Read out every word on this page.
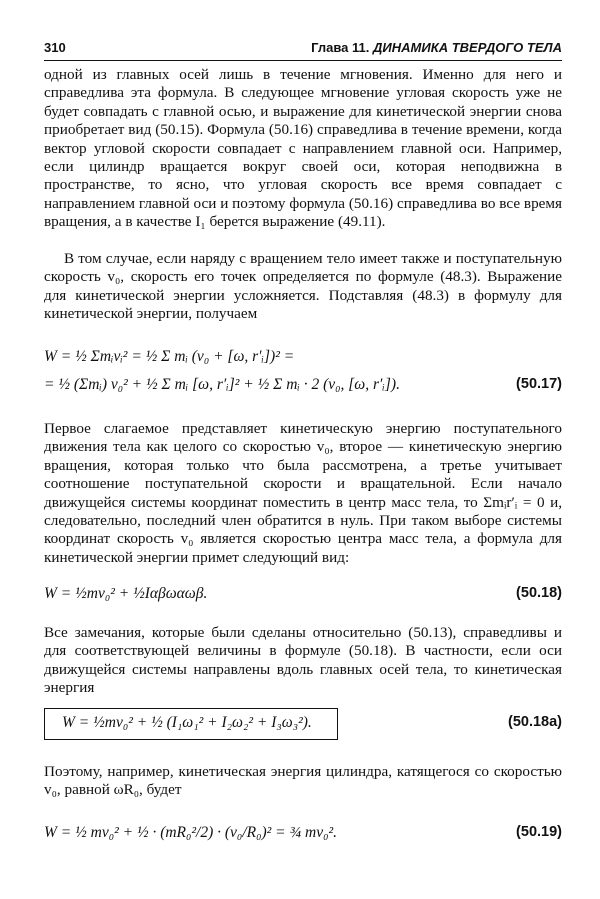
310	Глава 11. ДИНАМИКА ТВЕРДОГО ТЕЛА

одной из главных осей лишь в течение мгновения. Именно для него и справедлива эта формула. В следующее мгновение угловая скорость уже не будет совпадать с главной осью, и выражение для кинетической энергии снова приобретает вид (50.15). Формула (50.16) справедлива в течение времени, когда вектор угловой скорости совпадает с направлением главной оси. Например, если цилиндр вращается вокруг своей оси, которая неподвижна в пространстве, то ясно, что угловая скорость все время совпадает с направлением главной оси и поэтому формула (50.16) справедлива во все время вращения, а в качестве I₁ берется выражение (49.11).

В том случае, если наряду с вращением тело имеет также и поступательную скорость v₀, скорость его точек определяется по формуле (48.3). Выражение для кинетической энергии усложняется. Подставляя (48.3) в формулу для кинетической энергии, получаем

W = ½ Σmᵢvᵢ² = ½ Σ mᵢ (v₀ + [ω, r′ᵢ])² =
= ½ (Σmᵢ) v₀² + ½ Σ mᵢ [ω, r′ᵢ]² + ½ Σ mᵢ · 2 (v₀, [ω, r′ᵢ]).	(50.17)

Первое слагаемое представляет кинетическую энергию поступательного движения тела как целого со скоростью v₀, второе — кинетическую энергию вращения, которая только что была рассмотрена, а третье учитывает соотношение поступательной скорости и вращательной. Если начало движущейся системы координат поместить в центр масс тела, то Σmᵢr′ᵢ = 0 и, следовательно, последний член обратится в нуль. При таком выборе системы координат скорость v₀ является скоростью центра масс тела, а формула для кинетической энергии примет следующий вид:

W = ½mv₀² + ½Iαβωαωβ.	(50.18)

Все замечания, которые были сделаны относительно (50.13), справедливы и для соответствующей величины в формуле (50.18). В частности, если оси движущейся системы направлены вдоль главных осей тела, то кинетическая энергия

W = ½mv₀² + ½ (I₁ω₁² + I₂ω₂² + I₃ω₃²).	(50.18a)

Поэтому, например, кинетическая энергия цилиндра, катящегося со скоростью v₀, равной ωR₀, будет

W = ½ mv₀² + ½ · (mR₀²/2) · (v₀/R₀)² = ¾ mv₀².	(50.19)
